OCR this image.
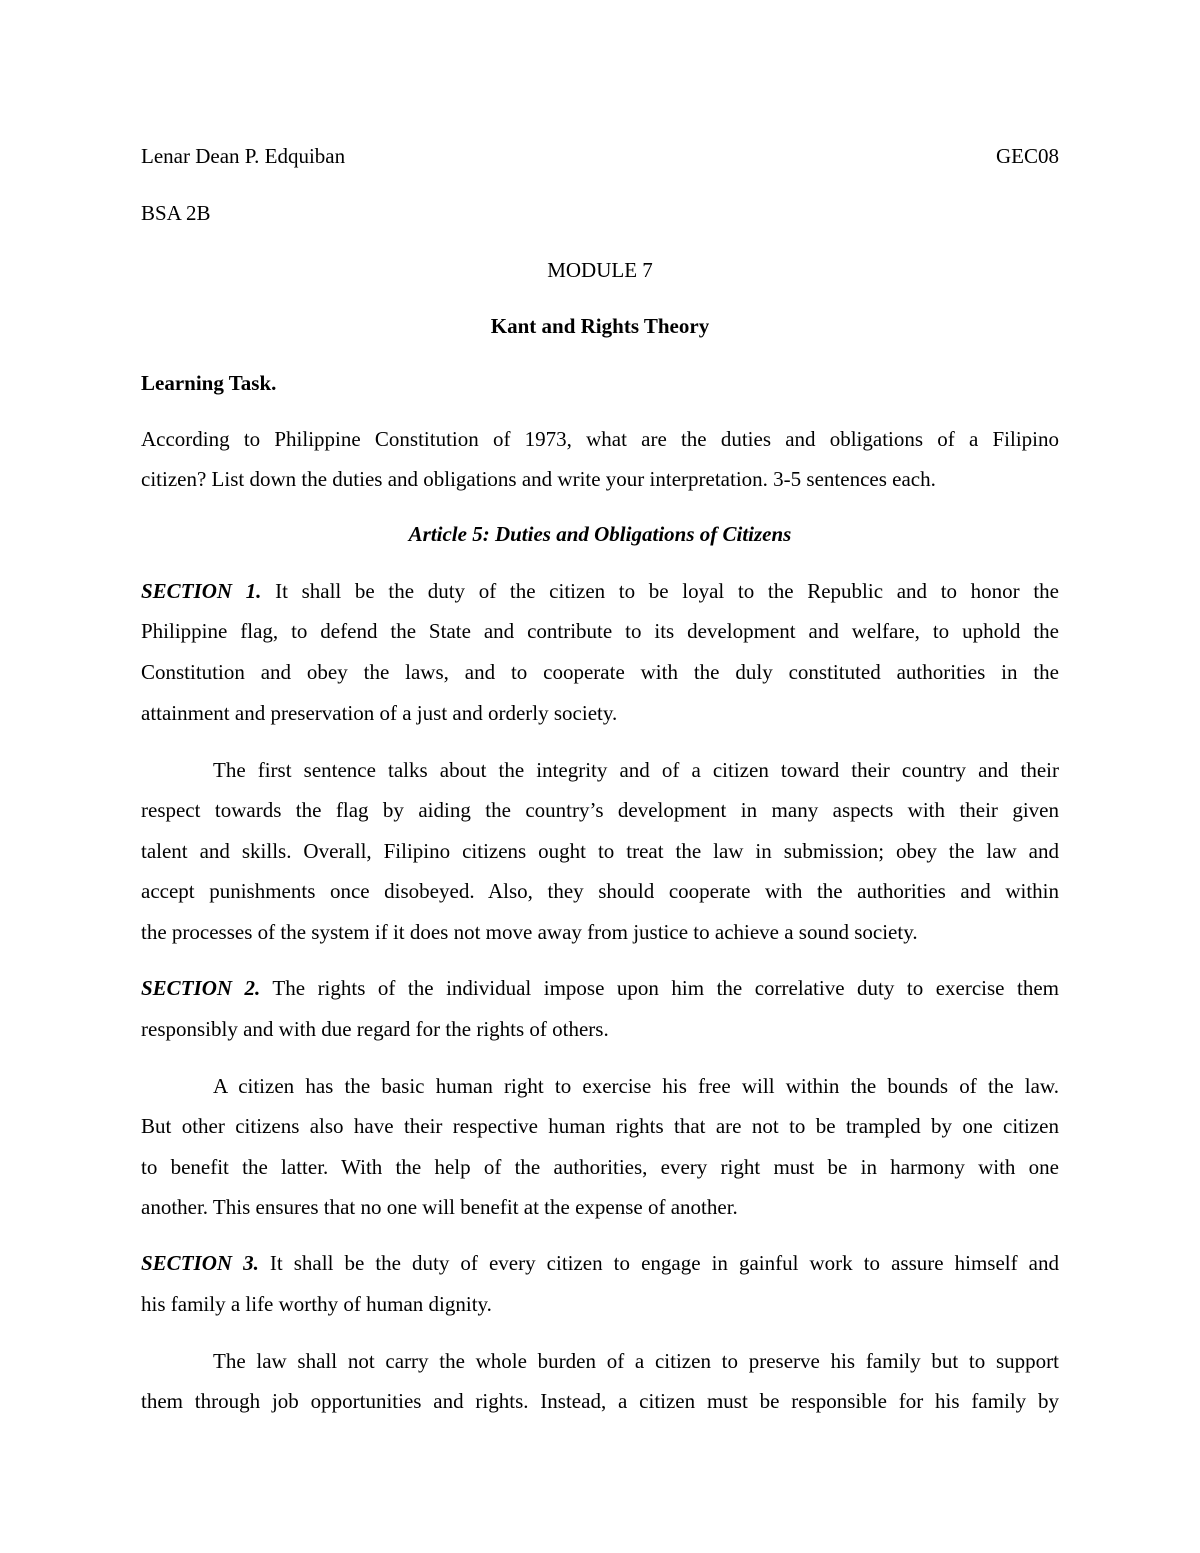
Lenar Dean P. Edquiban	GEC08

BSA 2B

MODULE 7

Kant and Rights Theory

Learning Task.

According to Philippine Constitution of 1973, what are the duties and obligations of a Filipino

citizen? List down the duties and obligations and write your interpretation. 3-5 sentences each.

Article 5: Duties and Obligations of Citizens

SECTION 1. It shall be the duty of the citizen to be loyal to the Republic and to honor the

Philippine flag, to defend the State and contribute to its development and welfare, to uphold the

Constitution and obey the laws, and to cooperate with the duly constituted authorities in the

attainment and preservation of a just and orderly society.

The first sentence talks about the integrity and of a citizen toward their country and their

respect towards the flag by aiding the country’s development in many aspects with their given

talent and skills. Overall, Filipino citizens ought to treat the law in submission; obey the law and

accept punishments once disobeyed. Also, they should cooperate with the authorities and within

the processes of the system if it does not move away from justice to achieve a sound society.

SECTION 2. The rights of the individual impose upon him the correlative duty to exercise them

responsibly and with due regard for the rights of others.

A citizen has the basic human right to exercise his free will within the bounds of the law.

But other citizens also have their respective human rights that are not to be trampled by one citizen

to benefit the latter. With the help of the authorities, every right must be in harmony with one

another. This ensures that no one will benefit at the expense of another.

SECTION 3. It shall be the duty of every citizen to engage in gainful work to assure himself and

his family a life worthy of human dignity.

The law shall not carry the whole burden of a citizen to preserve his family but to support

them through job opportunities and rights. Instead, a citizen must be responsible for his family by
